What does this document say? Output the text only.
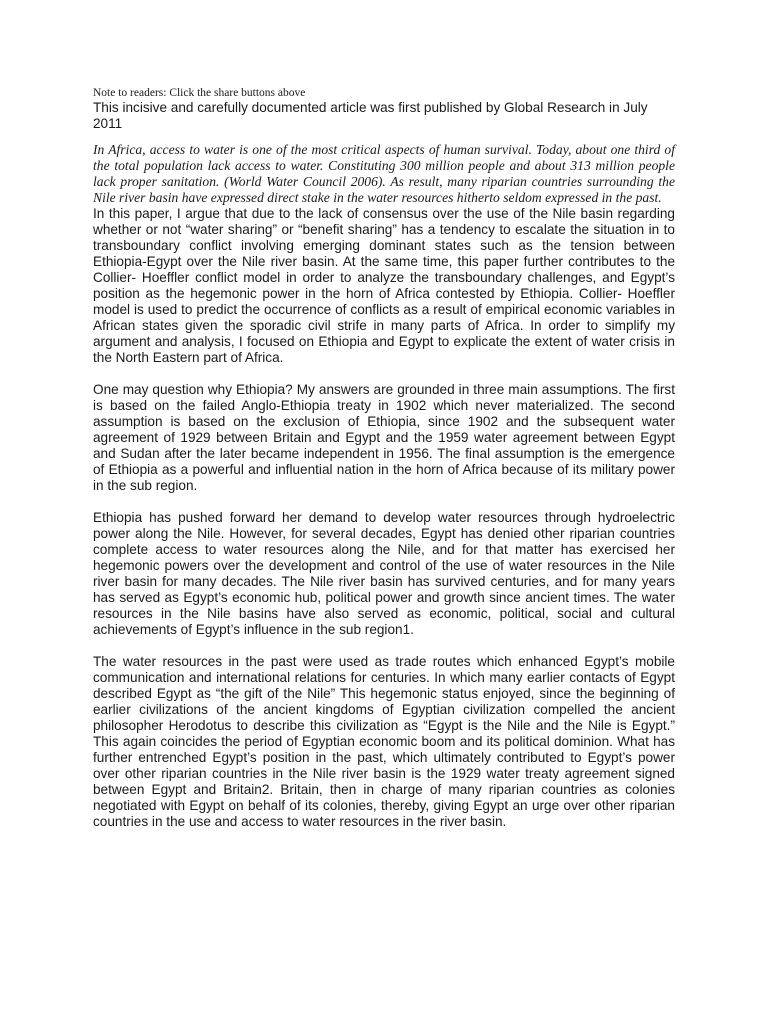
Note to readers: Click the share buttons above

This incisive and carefully documented article was first published by Global Research in July 2011

In Africa, access to water is one of the most critical aspects of human survival. Today, about one third of the total population lack access to water. Constituting 300 million people and about 313 million people lack proper sanitation. (World Water Council 2006). As result, many riparian countries surrounding the Nile river basin have expressed direct stake in the water resources hitherto seldom expressed in the past.

In this paper, I argue that due to the lack of consensus over the use of the Nile basin regarding whether or not “water sharing” or “benefit sharing” has a tendency to escalate the situation in to transboundary conflict involving emerging dominant states such as the tension between Ethiopia-Egypt over the Nile river basin. At the same time, this paper further contributes to the Collier- Hoeffler conflict model in order to analyze the transboundary challenges, and Egypt’s position as the hegemonic power in the horn of Africa contested by Ethiopia. Collier- Hoeffler model is used to predict the occurrence of conflicts as a result of empirical economic variables in African states given the sporadic civil strife in many parts of Africa. In order to simplify my argument and analysis, I focused on Ethiopia and Egypt to explicate the extent of water crisis in the North Eastern part of Africa.

One may question why Ethiopia? My answers are grounded in three main assumptions. The first is based on the failed Anglo-Ethiopia treaty in 1902 which never materialized. The second assumption is based on the exclusion of Ethiopia, since 1902 and the subsequent water agreement of 1929 between Britain and Egypt and the 1959 water agreement between Egypt and Sudan after the later became independent in 1956. The final assumption is the emergence of Ethiopia as a powerful and influential nation in the horn of Africa because of its military power in the sub region.

Ethiopia has pushed forward her demand to develop water resources through hydroelectric power along the Nile. However, for several decades, Egypt has denied other riparian countries complete access to water resources along the Nile, and for that matter has exercised her hegemonic powers over the development and control of the use of water resources in the Nile river basin for many decades. The Nile river basin has survived centuries, and for many years has served as Egypt’s economic hub, political power and growth since ancient times. The water resources in the Nile basins have also served as economic, political, social and cultural achievements of Egypt’s influence in the sub region1.

The water resources in the past were used as trade routes which enhanced Egypt’s mobile communication and international relations for centuries. In which many earlier contacts of Egypt described Egypt as “the gift of the Nile” This hegemonic status enjoyed, since the beginning of earlier civilizations of the ancient kingdoms of Egyptian civilization compelled the ancient philosopher Herodotus to describe this civilization as “Egypt is the Nile and the Nile is Egypt.” This again coincides the period of Egyptian economic boom and its political dominion. What has further entrenched Egypt’s position in the past, which ultimately contributed to Egypt’s power over other riparian countries in the Nile river basin is the 1929 water treaty agreement signed between Egypt and Britain2. Britain, then in charge of many riparian countries as colonies negotiated with Egypt on behalf of its colonies, thereby, giving Egypt an urge over other riparian countries in the use and access to water resources in the river basin.
